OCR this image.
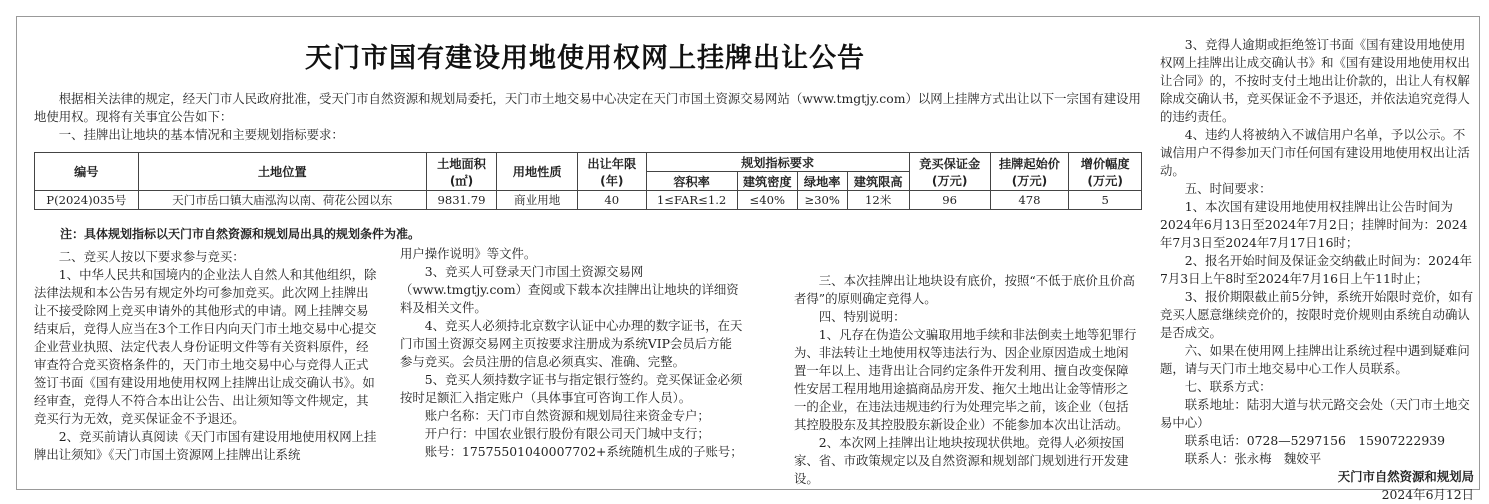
天门市国有建设用地使用权网上挂牌出让公告

根据相关法律的规定，经天门市人民政府批准，受天门市自然资源和规划局委托，天门市土地交易中心决定在天门市国土资源交易网站（www.tmgtjy.com）以网上挂牌方式出让以下一宗国有建设用地使用权。现将有关事宜公告如下：

一、挂牌出让地块的基本情况和主要规划指标要求：

编号	土地位置	土地面积
(㎡)	用地性质	出让年限
(年)	规划指标要求				竞买保证金
(万元)	挂牌起始价
(万元)	增价幅度
(万元)
					容积率	建筑密度	绿地率	建筑限高			
P(2024)035号	天门市岳口镇大庙泓沟以南、荷花公园以东	9831.79	商业用地	40	1≤FAR≤1.2	≤40%	≥30%	12米	96	478	5

注：具体规划指标以天门市自然资源和规划局出具的规划条件为准。

二、竞买人按以下要求参与竞买：

1、中华人民共和国境内的企业法人自然人和其他组织，除法律法规和本公告另有规定外均可参加竞买。此次网上挂牌出让不接受除网上竞买申请外的其他形式的申请。网上挂牌交易结束后，竞得人应当在3个工作日内向天门市土地交易中心提交企业营业执照、法定代表人身份证明文件等有关资料原件，经审查符合竞买资格条件的，天门市土地交易中心与竞得人正式签订书面《国有建设用地使用权网上挂牌出让成交确认书》。如经审查，竞得人不符合本出让公告、出让须知等文件规定，其竞买行为无效，竞买保证金不予退还。

2、竞买前请认真阅读《天门市国有建设用地使用权网上挂牌出让须知》《天门市国土资源网上挂牌出让系统

用户操作说明》等文件。

3、竞买人可登录天门市国土资源交易网（www.tmgtjy.com）查阅或下载本次挂牌出让地块的详细资料及相关文件。

4、竞买人必须持北京数字认证中心办理的数字证书，在天门市国土资源交易网主页按要求注册成为系统VIP会员后方能参与竞买。会员注册的信息必须真实、准确、完整。

5、竞买人须持数字证书与指定银行签约。竞买保证金必须按时足额汇入指定账户（具体事宜可咨询工作人员）。

账户名称：天门市自然资源和规划局往来资金专户；

开户行：中国农业银行股份有限公司天门城中支行；

账号：17575501040007702+系统随机生成的子账号；

三、本次挂牌出让地块设有底价，按照“不低于底价且价高者得”的原则确定竞得人。

四、特别说明：

1、凡存在伪造公文骗取用地手续和非法倒卖土地等犯罪行为、非法转让土地使用权等违法行为、因企业原因造成土地闲置一年以上、违背出让合同约定条件开发利用、擅自改变保障性安居工程用地用途搞商品房开发、拖欠土地出让金等情形之一的企业，在违法违规违约行为处理完毕之前，该企业（包括其控股股东及其控股股东新设企业）不能参加本次出让活动。

2、本次网上挂牌出让地块按现状供地。竞得人必须按国家、省、市政策规定以及自然资源和规划部门规划进行开发建设。

3、竞得人逾期或拒绝签订书面《国有建设用地使用权网上挂牌出让成交确认书》和《国有建设用地使用权出让合同》的，不按时支付土地出让价款的，出让人有权解除成交确认书，竞买保证金不予退还，并依法追究竞得人的违约责任。

4、违约人将被纳入不诚信用户名单，予以公示。不诚信用户不得参加天门市任何国有建设用地使用权出让活动。

五、时间要求：

1、本次国有建设用地使用权挂牌出让公告时间为2024年6月13日至2024年7月2日；挂牌时间为：2024年7月3日至2024年7月17日16时；

2、报名开始时间及保证金交纳截止时间为：2024年7月3日上午8时至2024年7月16日上午11时止；

3、报价期限截止前5分钟，系统开始限时竞价，如有竞买人愿意继续竞价的，按限时竞价规则由系统自动确认是否成交。

六、如果在使用网上挂牌出让系统过程中遇到疑难问题，请与天门市土地交易中心工作人员联系。

七、联系方式：

联系地址：陆羽大道与状元路交会处（天门市土地交易中心）

联系电话：0728—5297156　15907222939

联系人：张永梅　魏姣平

天门市自然资源和规划局

2024年6月12日
